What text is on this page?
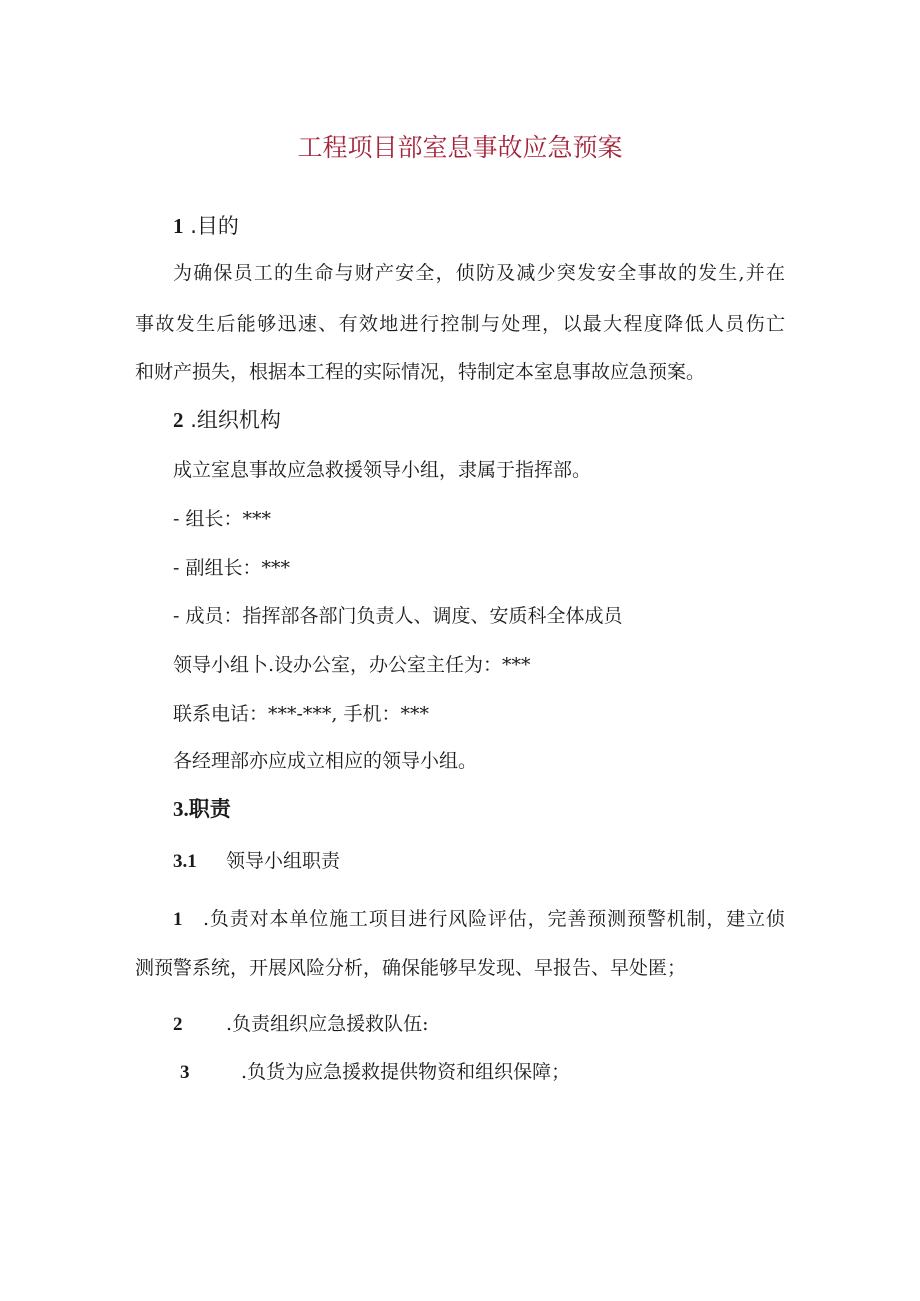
工程项目部室息事故应急预案
1 .目的
为确保员工的生命与财产安全，侦防及减少突发安全事故的发生,并在
事故发生后能够迅速、有效地进行控制与处理，以最大程度降低人员伤亡
和财产损失，根据本工程的实际情况，特制定本室息事故应急预案。
2 .组织机构
成立室息事故应急救援领导小组，隶属于指挥部。
- 组长：***
- 副组长：***
- 成员：指挥部各部门负责人、调度、安质科全体成员
领导小组卜.设办公室，办公室主任为：***
联系电话：***-***, 手机：***
各经理部亦应成立相应的领导小组。
3.职责
3.1 领导小组职责
1 .负责对本单位施工项目进行风险评估，完善预测预警机制，建立侦
测预警系统，开展风险分析，确保能够早发现、早报告、早处匿；
2 .负责组织应急援救队伍:
3	.负货为应急援救提供物资和组织保障；
